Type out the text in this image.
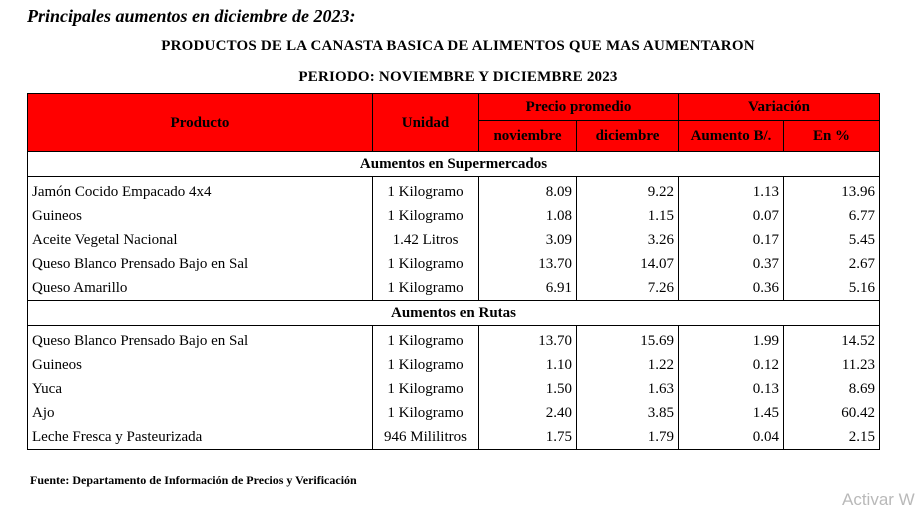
Principales aumentos en diciembre de 2023:
PRODUCTOS DE LA CANASTA BASICA DE ALIMENTOS QUE MAS AUMENTARON
PERIODO: NOVIEMBRE Y DICIEMBRE 2023
Producto	Unidad	Precio promedio		Variación	
		noviembre	diciembre	Aumento B/.	En %
Aumentos en Supermercados					
Jamón Cocido Empacado 4x4	1 Kilogramo	8.09	9.22	1.13	13.96
Guineos	1 Kilogramo	1.08	1.15	0.07	6.77
Aceite Vegetal Nacional	1.42 Litros	3.09	3.26	0.17	5.45
Queso Blanco Prensado Bajo en Sal	1 Kilogramo	13.70	14.07	0.37	2.67
Queso Amarillo	1 Kilogramo	6.91	7.26	0.36	5.16
Aumentos en Rutas					
Queso Blanco Prensado Bajo en Sal	1 Kilogramo	13.70	15.69	1.99	14.52
Guineos	1 Kilogramo	1.10	1.22	0.12	11.23
Yuca	1 Kilogramo	1.50	1.63	0.13	8.69
Ajo	1 Kilogramo	2.40	3.85	1.45	60.42
Leche Fresca y Pasteurizada	946 Mililitros	1.75	1.79	0.04	2.15
Fuente: Departamento de Información de Precios y Verificación
Activar W
